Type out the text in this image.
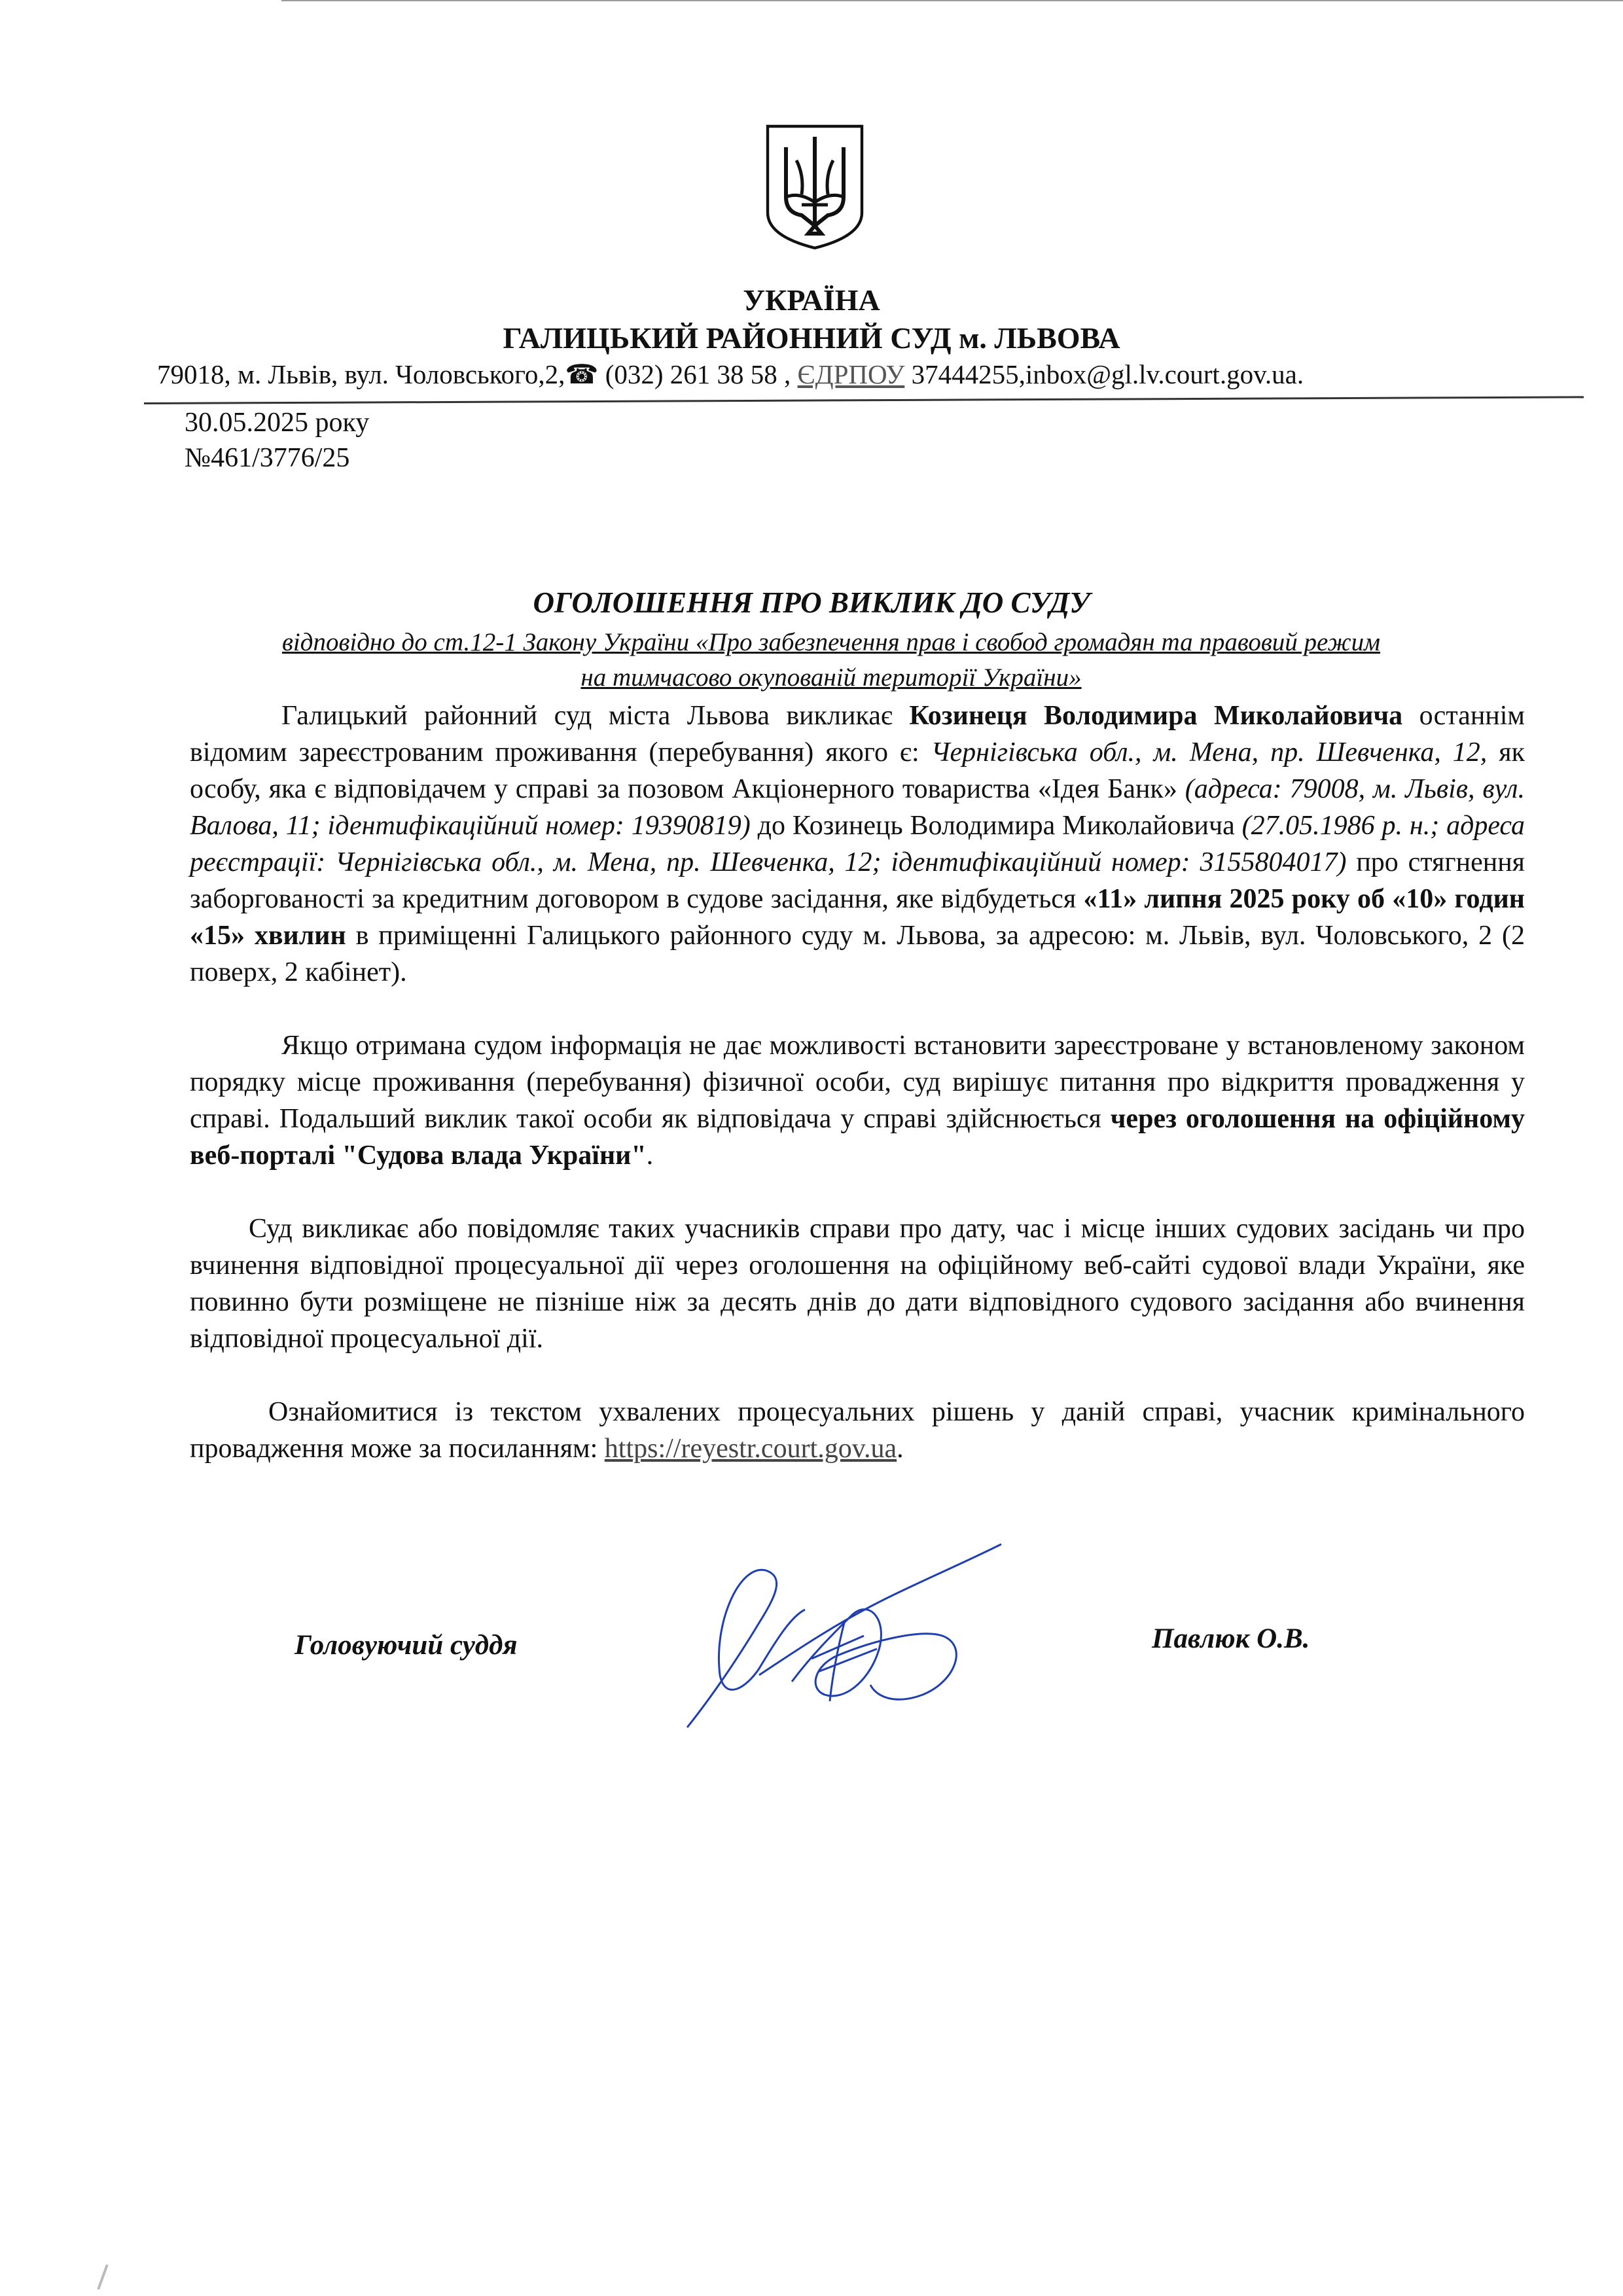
УКРАЇНА
ГАЛИЦЬКИЙ РАЙОННИЙ СУД м. ЛЬВОВА
79018, м. Львів, вул. Чоловського,2,☎ (032) 261 38 58 , ЄДРПОУ 37444255,inbox@gl.lv.court.gov.ua.
30.05.2025 року
№461/3776/25
ОГОЛОШЕННЯ ПРО ВИКЛИК ДО СУДУ
відповідно до ст.12-1 Закону України «Про забезпечення прав і свобод громадян та правовий режим
на тимчасово окупованій території України»
Галицький районний суд міста Львова викликає Козинеця Володимира Миколайовича останнім відомим зареєстрованим проживання (перебування) якого є: Чернігівська обл., м. Мена, пр. Шевченка, 12, як особу, яка є відповідачем у справі за позовом Акціонерного товариства «Ідея Банк» (адреса: 79008, м. Львів, вул. Валова, 11; ідентифікаційний номер: 19390819) до Козинець Володимира Миколайовича (27.05.1986 р. н.; адреса реєстрації: Чернігівська обл., м. Мена, пр. Шевченка, 12; ідентифікаційний номер: 3155804017) про стягнення заборгованості за кредитним договором в судове засідання, яке відбудеться «11» липня 2025 року об «10» годин «15» хвилин в приміщенні Галицького районного суду м. Львова, за адресою: м. Львів, вул. Чоловського, 2 (2 поверх, 2 кабінет).
Якщо отримана судом інформація не дає можливості встановити зареєстроване у встановленому законом порядку місце проживання (перебування) фізичної особи, суд вирішує питання про відкриття провадження у справі. Подальший виклик такої особи як відповідача у справі здійснюється через оголошення на офіційному веб-порталі "Судова влада України".
Суд викликає або повідомляє таких учасників справи про дату, час і місце інших судових засідань чи про вчинення відповідної процесуальної дії через оголошення на офіційному веб-сайті судової влади України, яке повинно бути розміщене не пізніше ніж за десять днів до дати відповідного судового засідання або вчинення відповідної процесуальної дії.
Ознайомитися із текстом ухвалених процесуальних рішень у даній справі, учасник кримінального провадження може за посиланням: https://reyestr.court.gov.ua.
Головуючий суддя	Павлюк О.В.
